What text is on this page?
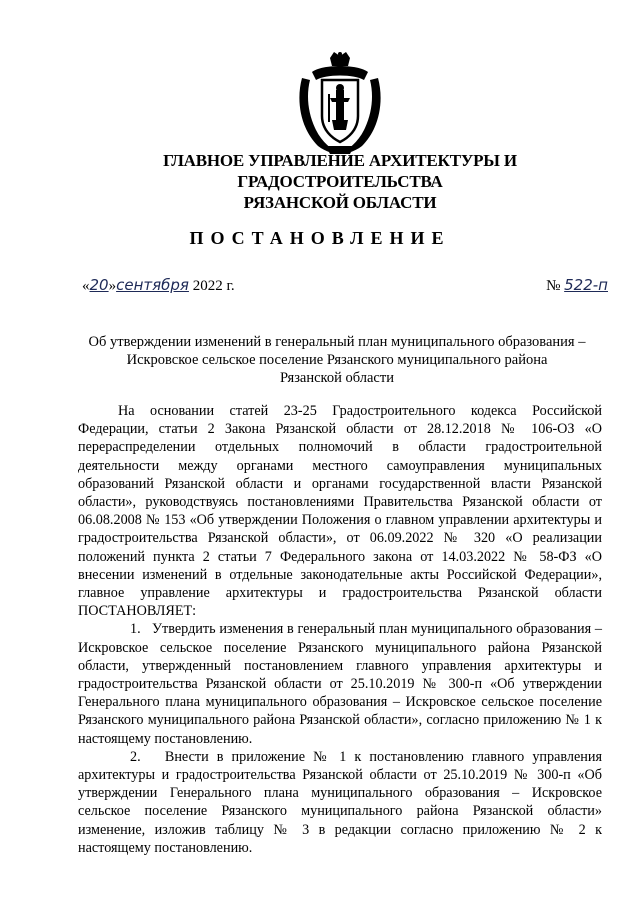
ГЛАВНОЕ УПРАВЛЕНИЕ АРХИТЕКТУРЫ И ГРАДОСТРОИТЕЛЬСТВА
РЯЗАНСКОЙ ОБЛАСТИ
ПОСТАНОВЛЕНИЕ
«20»сентября 2022 г.	№ 522-п
Об утверждении изменений в генеральный план муниципального образования –
Искровское сельское поселение Рязанского муниципального района
Рязанской области

На основании статей 23-25 Градостроительного кодекса Российской Федерации, статьи 2 Закона Рязанской области от 28.12.2018 № 106-ОЗ «О перераспределении отдельных полномочий в области градостроительной деятельности между органами местного самоуправления муниципальных образований Рязанской области и органами государственной власти Рязанской области», руководствуясь постановлениями Правительства Рязанской области от 06.08.2008 № 153 «Об утверждении Положения о главном управлении архитектуры и градостроительства Рязанской области», от 06.09.2022 № 320 «О реализации положений пункта 2 статьи 7 Федерального закона от 14.03.2022 № 58-ФЗ «О внесении изменений в отдельные законодательные акты Российской Федерации», главное управление архитектуры и градостроительства Рязанской области ПОСТАНОВЛЯЕТ:

1.   Утвердить изменения в генеральный план муниципального образования – Искровское сельское поселение Рязанского муниципального района Рязанской области, утвержденный постановлением главного управления архитектуры и градостроительства Рязанской области от 25.10.2019 № 300-п «Об утверждении Генерального плана муниципального образования – Искровское сельское поселение Рязанского муниципального района Рязанской области», согласно приложению № 1 к настоящему постановлению.

2.   Внести в приложение № 1 к постановлению главного управления архитектуры и градостроительства Рязанской области от 25.10.2019 № 300-п «Об утверждении Генерального плана муниципального образования – Искровское сельское поселение Рязанского муниципального района Рязанской области» изменение, изложив таблицу № 3 в редакции согласно приложению № 2 к настоящему постановлению.
